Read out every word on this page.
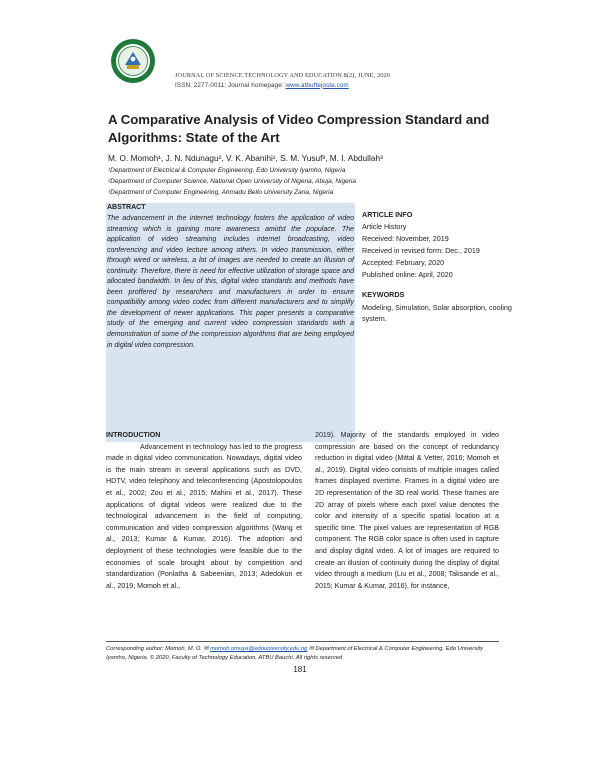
JOURNAL OF SCIENCE TECHNOLOGY AND EDUCATION 8(2), JUNE, 2020
ISSN: 2277-0011; Journal homepage: www.atbuftejoste.com
A Comparative Analysis of Video Compression Standard and Algorithms: State of the Art
M. O. Momoh¹, J. N. Ndunagu², V. K. Abanihi¹, S. M. Yusuf³, M. I. Abdullah³
¹Department of Electrical & Computer Engineering, Edo University Iyamho, Nigeria
²Department of Computer Science, National Open University of Nigeria, Abuja, Nigeria
³Department of Computer Engineering, Ahmadu Bello University Zaria, Nigeria
ABSTRACT
The advancement in the internet technology fosters the application of video streaming which is gaining more awareness amidst the populace. The application of video streaming includes internet broadcasting, video conferencing and video lecture among others. In video transmission, either through wired or wireless, a lot of images are needed to create an illusion of continuity. Therefore, there is need for effective utilization of storage space and allocated bandwidth. In lieu of this, digital video standards and methods have been proffered by researchers and manufacturers in order to ensure compatibility among video codec from different manufacturers and to simplify the development of newer applications. This paper presents a comparative study of the emerging and current video compression standards with a demonstration of some of the compression algorithms that are being employed in digital video compression.
ARTICLE INFO
Article History
Received: November, 2019
Received in revised form: Dec., 2019
Accepted: February, 2020
Published online: April, 2020
KEYWORDS
Modeling, Simulation, Solar absorption, cooling system.
INTRODUCTION
Advancement in technology has led to the progress made in digital video communication. Nowadays, digital video is the main stream in several applications such as DVD, HDTV, video telephony and teleconferencing (Apostolopoulos et al., 2002; Zou et al., 2015; Mahini et al., 2017). These applications of digital videos were realized due to the technological advancement in the field of computing, communication and video compression algorithms (Wang et al., 2013; Kumar & Kumar, 2016). The adoption and deployment of these technologies were feasible due to the economies of scale brought about by competition and standardization (Ponlatha & Sabeenian, 2013; Adedokun et al., 2019; Momoh et al.,
2019). Majority of the standards employed in video compression are based on the concept of redundancy reduction in digital video (Mittal & Vetter, 2016; Momoh et al., 2019). Digital video consists of multiple images called frames displayed overtime. Frames in a digital video are 2D representation of the 3D real world. These frames are 2D array of pixels where each pixel value denotes the color and intensity of a specific spatial location at a specific time. The pixel values are representation of RGB component. The RGB color space is often used in capture and display digital video. A lot of images are required to create an illusion of continuity during the display of digital video through a medium (Liu et al., 2008; Taksande et al., 2015; Kumar & Kumar, 2016), for instance,
Corresponding author: Momoh, M. O. ✉ momoh.omuya@edouniversity.edu.ng ✉ Department of Electrical & Computer Engineering, Edo University Iyamho, Nigeria. © 2020, Faculty of Technology Education, ATBU Bauchi. All rights reserved
181
